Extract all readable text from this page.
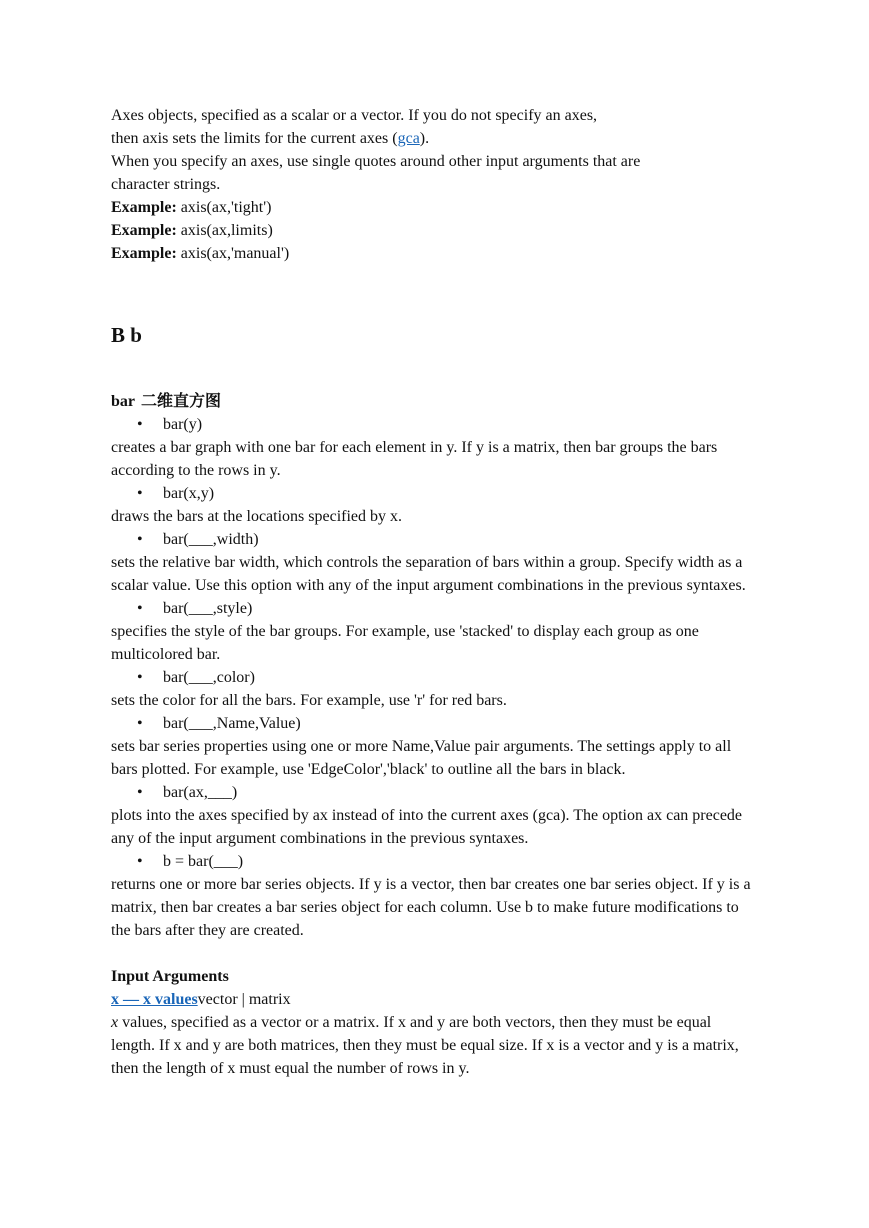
Axes objects, specified as a scalar or a vector. If you do not specify an axes,

then axis sets the limits for the current axes (gca).

When you specify an axes, use single quotes around other input arguments that are

character strings.

Example: axis(ax,'tight')

Example: axis(ax,limits)

Example: axis(ax,'manual')

B b

bar 二维直方图

• bar(y)

creates a bar graph with one bar for each element in y. If y is a matrix, then bar groups the bars according to the rows in y.

• bar(x,y)

draws the bars at the locations specified by x.

• bar(___,width)

sets the relative bar width, which controls the separation of bars within a group. Specify width as a scalar value. Use this option with any of the input argument combinations in the previous syntaxes.

• bar(___,style)

specifies the style of the bar groups. For example, use 'stacked' to display each group as one multicolored bar.

• bar(___,color)

sets the color for all the bars. For example, use 'r' for red bars.

• bar(___,Name,Value)

sets bar series properties using one or more Name,Value pair arguments. The settings apply to all bars plotted. For example, use 'EdgeColor','black' to outline all the bars in black.

• bar(ax,___)

plots into the axes specified by ax instead of into the current axes (gca). The option ax can precede any of the input argument combinations in the previous syntaxes.

• b = bar(___)

returns one or more bar series objects. If y is a vector, then bar creates one bar series object. If y is a matrix, then bar creates a bar series object for each column. Use b to make future modifications to the bars after they are created.

Input Arguments

x — x valuesvector | matrix

x values, specified as a vector or a matrix. If x and y are both vectors, then they must be equal length. If x and y are both matrices, then they must be equal size. If x is a vector and y is a matrix, then the length of x must equal the number of rows in y.
